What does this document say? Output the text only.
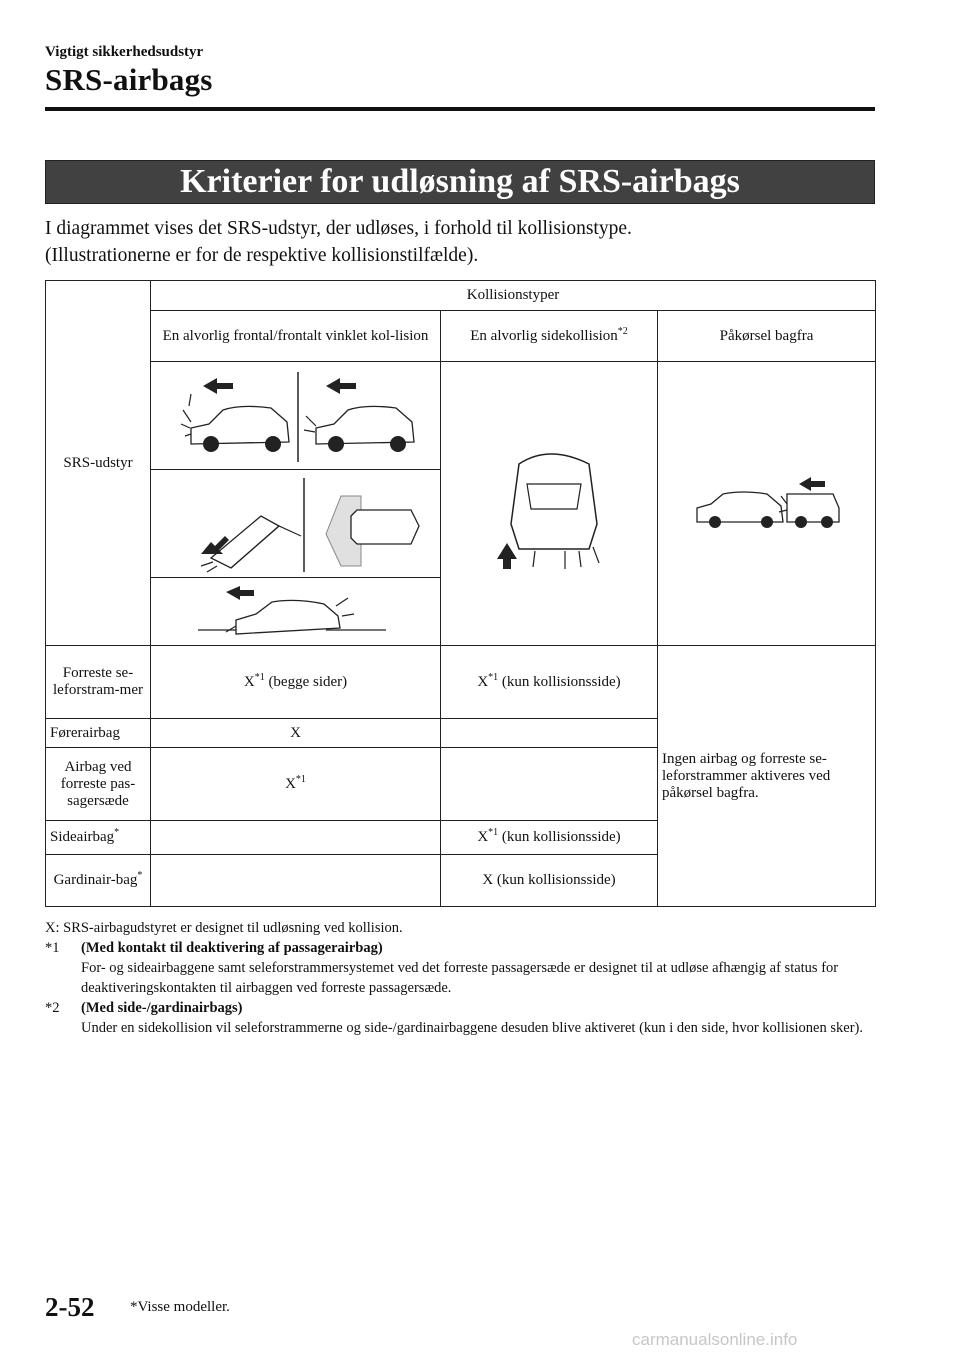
Vigtigt sikkerhedsudstyr
SRS-airbags
Kriterier for udløsning af SRS-airbags
I diagrammet vises det SRS-udstyr, der udløses, i forhold til kollisionstype.
(Illustrationerne er for de respektive kollisionstilfælde).
SRS-udstyr	Kollisionstyper		
	En alvorlig frontal/frontalt vinklet kol-lision	En alvorlig sidekollision$^{*2}$	Påkørsel bagfra

Forreste se-leforstram-mer	$X^{*1}$ (begge sider)	$X^{*1}$ (kun kollisionsside)	Ingen airbag og forreste se-leforstrammer aktiveres ved påkørsel bagfra.
Førerairbag	X		
Airbag ved forreste pas-sagersæde	$X^{*1}$	
Sideairbag*		$X^{*1}$ (kun kollisionsside)	
Gardinair-bag*		X (kun kollisionsside)	
X: SRS-airbagudstyret er designet til udløsning ved kollision.
*1 (Med kontakt til deaktivering af passagerairbag)
For- og sideairbaggene samt seleforstrammersystemet ved det forreste passagersæde er designet til at udløse afhængig af status for deaktiveringskontakten til airbaggen ved forreste passagersæde.
*2 (Med side-/gardinairbags)
Under en sidekollision vil seleforstrammerne og side-/gardinairbaggene desuden blive aktiveret (kun i den side, hvor kollisionen sker).
2-52 *Visse modeller.
carmanualsonline.info
